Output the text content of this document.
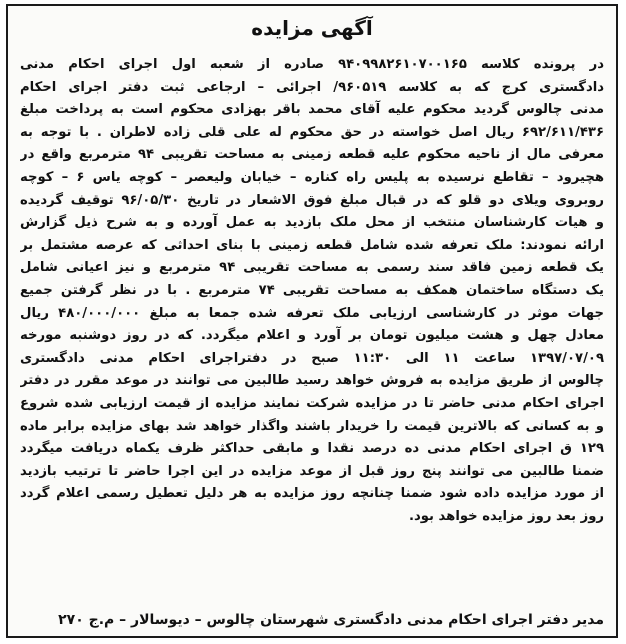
آگهی مزایده
در پرونده کلاسه ۹۴۰۹۹۸۲۶۱۰۷۰۰۱۶۵ صادره از شعبه اول اجرای احکام مدنی
دادگستری کرج که به کلاسه ۹۶۰۵۱۹/ اجرائی – ارجاعی ثبت دفتر اجرای احکام
مدنی چالوس گردید محکوم علیه آقای محمد باقر بهزادی محکوم است به پرداخت مبلغ
۶۹۲/۶۱۱/۴۳۶ ریال اصل خواسته در حق محکوم له علی قلی زاده لاطران . با توجه به
معرفی مال از ناحیه محکوم علیه قطعه زمینی به مساحت تقریبی ۹۴ مترمربع واقع در
هچیرود – تقاطع نرسیده به پلیس راه کناره – خیابان ولیعصر – کوچه یاس ۶ – کوچه
روبروی ویلای دو قلو که در قبال مبلغ فوق الاشعار در تاریخ ۹۶/۰۵/۳۰ توقیف گردیده
و هیات کارشناسان منتخب از محل ملک بازدید به عمل آورده و به شرح ذیل گزارش
ارائه نمودند: ملک تعرفه شده شامل قطعه زمینی با بنای احداثی که عرصه مشتمل بر
یک قطعه زمین فاقد سند رسمی به مساحت تقریبی ۹۴ مترمربع و نیز اعیانی شامل
یک دستگاه ساختمان همکف به مساحت تقریبی ۷۴ مترمربع . با در نظر گرفتن جمیع
جهات موثر در کارشناسی ارزیابی ملک تعرفه شده جمعا به مبلغ ۴۸۰/۰۰۰/۰۰۰ ریال
معادل چهل و هشت میلیون تومان بر آورد و اعلام میگردد. که در روز دوشنبه مورخه
۱۳۹۷/۰۷/۰۹ ساعت ۱۱ الی ۱۱:۳۰ صبح در دفتراجرای احکام مدنی دادگستری
چالوس از طریق مزایده به فروش خواهد رسید طالبین می توانند در موعد مقرر در دفتر
اجرای احکام مدنی حاضر تا در مزایده شرکت نمایند مزایده از قیمت ارزیابی شده شروع
و به کسانی که بالاترین قیمت را خریدار باشند واگذار خواهد شد بهای مزایده برابر ماده
۱۲۹ ق اجرای احکام مدنی ده درصد نقدا و مابقی حداکثر ظرف یکماه دریافت میگردد
ضمنا طالبین می توانند پنج روز قبل از موعد مزایده در این اجرا حاضر تا ترتیب بازدید
از مورد مزایده داده شود ضمنا چنانچه روز مزایده به هر دلیل تعطیل رسمی اعلام گردد
روز بعد روز مزایده خواهد بود.
مدیر دفتر اجرای احکام مدنی دادگستری شهرستان چالوس – دیوسالار – م.ج ۲۷۰
